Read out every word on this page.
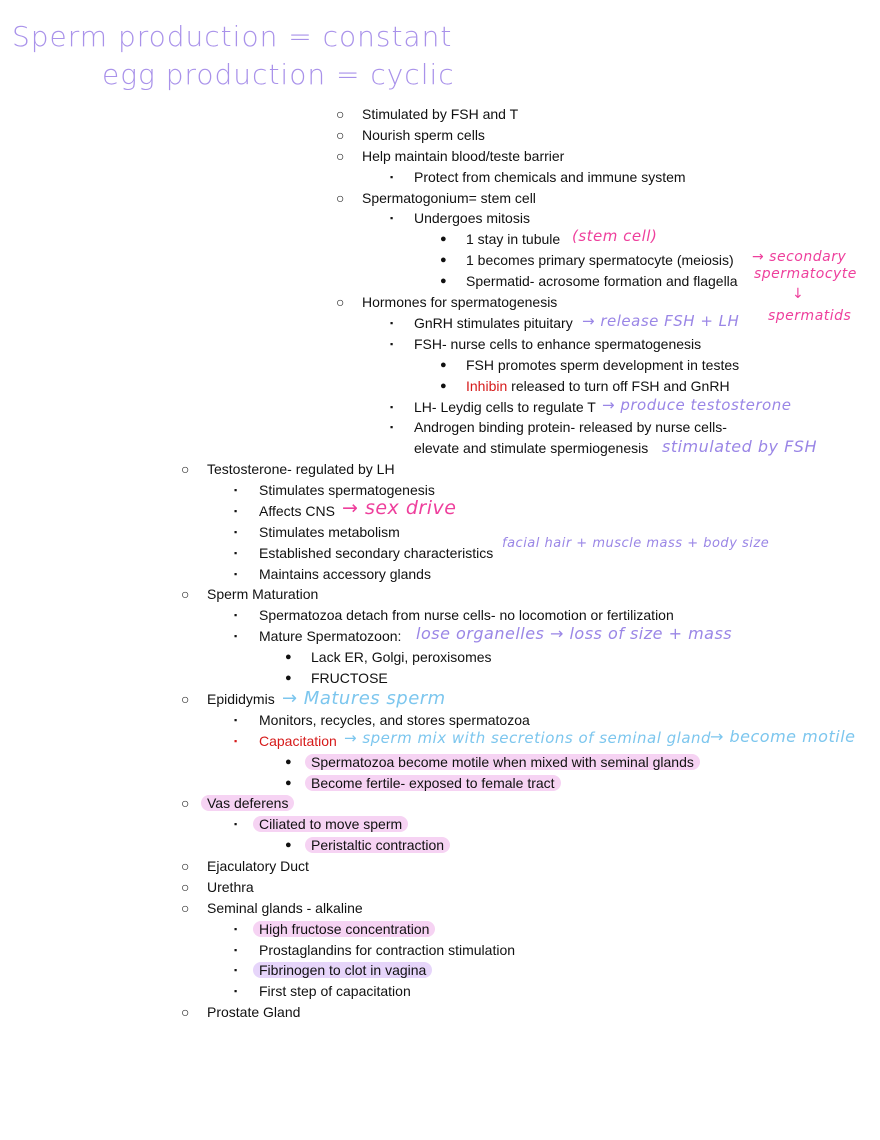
Sperm production = constant
egg production = cyclic
○ Stimulated by FSH and T
○ Nourish sperm cells
○ Help maintain blood/teste barrier
▪ Protect from chemicals and immune system
○ Spermatogonium= stem cell
▪ Undergoes mitosis
● 1 stay in tubule (stem cell)
● 1 becomes primary spermatocyte (meiosis) → secondary
● Spermatid- acrosome formation and flagella spermatocyte
↓
spermatids
○ Hormones for spermatogenesis
▪ GnRH stimulates pituitary → release FSH + LH
▪ FSH- nurse cells to enhance spermatogenesis
● FSH promotes sperm development in testes
● Inhibin released to turn off FSH and GnRH
▪ LH- Leydig cells to regulate T → produce testosterone
▪ Androgen binding protein- released by nurse cells-
elevate and stimulate spermiogenesis stimulated by FSH
○ Testosterone- regulated by LH
▪ Stimulates spermatogenesis
▪ Affects CNS → sex drive
▪ Stimulates metabolism
▪ Established secondary characteristics
facial hair + muscle mass + body size
▪ Maintains accessory glands
○ Sperm Maturation
▪ Spermatozoa detach from nurse cells- no locomotion or fertilization
▪ Mature Spermatozoon: lose organelles → loss of size + mass
● Lack ER, Golgi, peroxisomes
● FRUCTOSE
○ Epididymis → Matures sperm
▪ Monitors, recycles, and stores spermatozoa
▪ Capacitation → sperm mix with secretions of seminal gland
→ become motile
● Spermatozoa become motile when mixed with seminal glands
● Become fertile- exposed to female tract
○ Vas deferens
▪ Ciliated to move sperm
● Peristaltic contraction
○ Ejaculatory Duct
○ Urethra
○ Seminal glands - alkaline
▪ High fructose concentration
▪ Prostaglandins for contraction stimulation
▪ Fibrinogen to clot in vagina
▪ First step of capacitation
○ Prostate Gland
